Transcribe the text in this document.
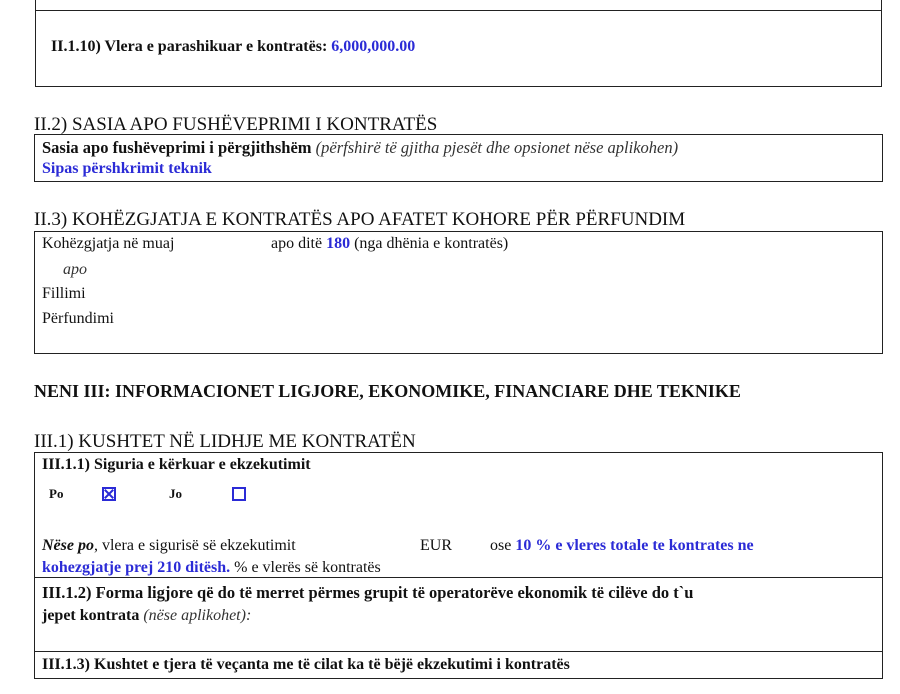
II.1.10) Vlera e parashikuar e kontratës: 6,000,000.00
II.2) SASIA APO FUSHËVEPRIMI I KONTRATËS
Sasia apo fushëveprimi i përgjithshëm (përfshirë të gjitha pjesët dhe opsionet nëse aplikohen)
Sipas përshkrimit teknik
II.3) KOHËZGJATJA E KONTRATËS APO AFATET KOHORE PËR PËRFUNDIM
Kohëzgjatja në muaj	apo ditë 180 (nga dhënia e kontratës)
apo
Fillimi
Përfundimi
NENI III: INFORMACIONET LIGJORE, EKONOMIKE, FINANCIARE DHE TEKNIKE
III.1) KUSHTET NË LIDHJE ME KONTRATËN
III.1.1) Siguria e kërkuar e ekzekutimit
Po
	Jo
Nëse po, vlera e sigurisë së ekzekutimit	EUR ose 10 % e vleres totale te kontrates ne
kohezgjatje prej 210 ditësh. % e vlerës së kontratës
III.1.2) Forma ligjore që do të merret përmes grupit të operatorëve ekonomik të cilëve do t`u
jepet kontrata (nëse aplikohet):
III.1.3) Kushtet e tjera të veçanta me të cilat ka të bëjë ekzekutimi i kontratës
